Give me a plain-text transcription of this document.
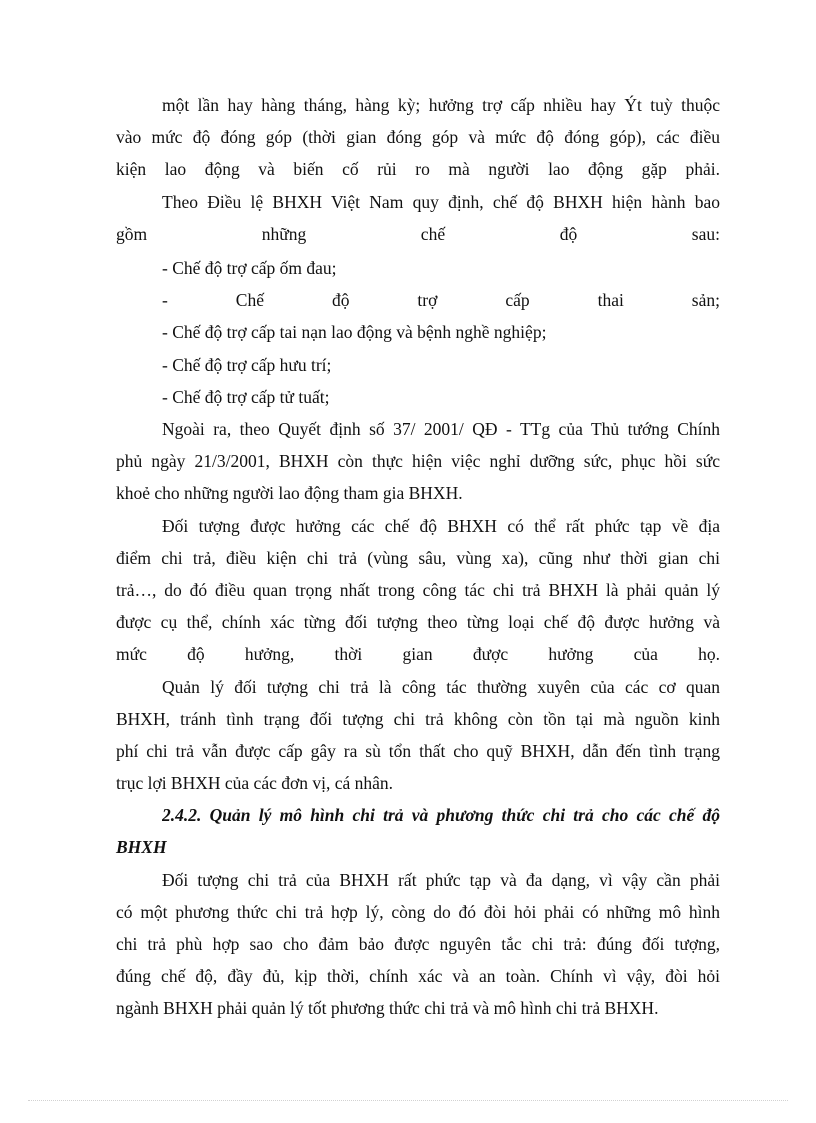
một lần hay hàng tháng, hàng kỳ; hưởng trợ cấp nhiều hay Ýt tuỳ thuộc
vào mức độ đóng góp (thời gian đóng góp và mức độ đóng góp), các điều
kiện lao động và biến cố rủi ro mà người lao động gặp phải.
Theo Điều lệ BHXH Việt Nam quy định, chế độ BHXH hiện hành bao
gồm những chế độ sau:
- Chế độ trợ cấp ốm đau;
- Chế độ trợ cấp thai sản;
- Chế độ trợ cấp tai nạn lao động và bệnh nghề nghiệp;
- Chế độ trợ cấp hưu trí;
- Chế độ trợ cấp tử tuất;
Ngoài ra, theo Quyết định số 37/ 2001/ QĐ - TTg của Thủ tướng Chính
phủ ngày 21/3/2001, BHXH còn thực hiện việc nghỉ dưỡng sức, phục hồi sức
khoẻ cho những người lao động tham gia BHXH.
Đối tượng được hưởng các chế độ BHXH có thể rất phức tạp về địa
điểm chi trả, điều kiện chi trả (vùng sâu, vùng xa), cũng như thời gian chi
trả…, do đó điều quan trọng nhất trong công tác chi trả BHXH là phải quản lý
được cụ thể, chính xác từng đối tượng theo từng loại chế độ được hưởng và
mức độ hưởng, thời gian được hưởng của họ.
Quản lý đối tượng chi trả là công tác thường xuyên của các cơ quan
BHXH, tránh tình trạng đối tượng chi trả không còn tồn tại mà nguồn kinh
phí chi trả vẫn được cấp gây ra sù tổn thất cho quỹ BHXH, dẫn đến tình trạng
trục lợi BHXH của các đơn vị, cá nhân.
2.4.2. Quản lý mô hình chi trả và phương thức chi trả cho các chế độ
BHXH
Đối tượng chi trả của BHXH rất phức tạp và đa dạng, vì vậy cần phải
có một phương thức chi trả hợp lý, còng do đó đòi hỏi phải có những mô hình
chi trả phù hợp sao cho đảm bảo được nguyên tắc chi trả: đúng đối tượng,
đúng chế độ, đầy đủ, kịp thời, chính xác và an toàn. Chính vì vậy, đòi hỏi
ngành BHXH phải quản lý tốt phương thức chi trả và mô hình chi trả BHXH.
